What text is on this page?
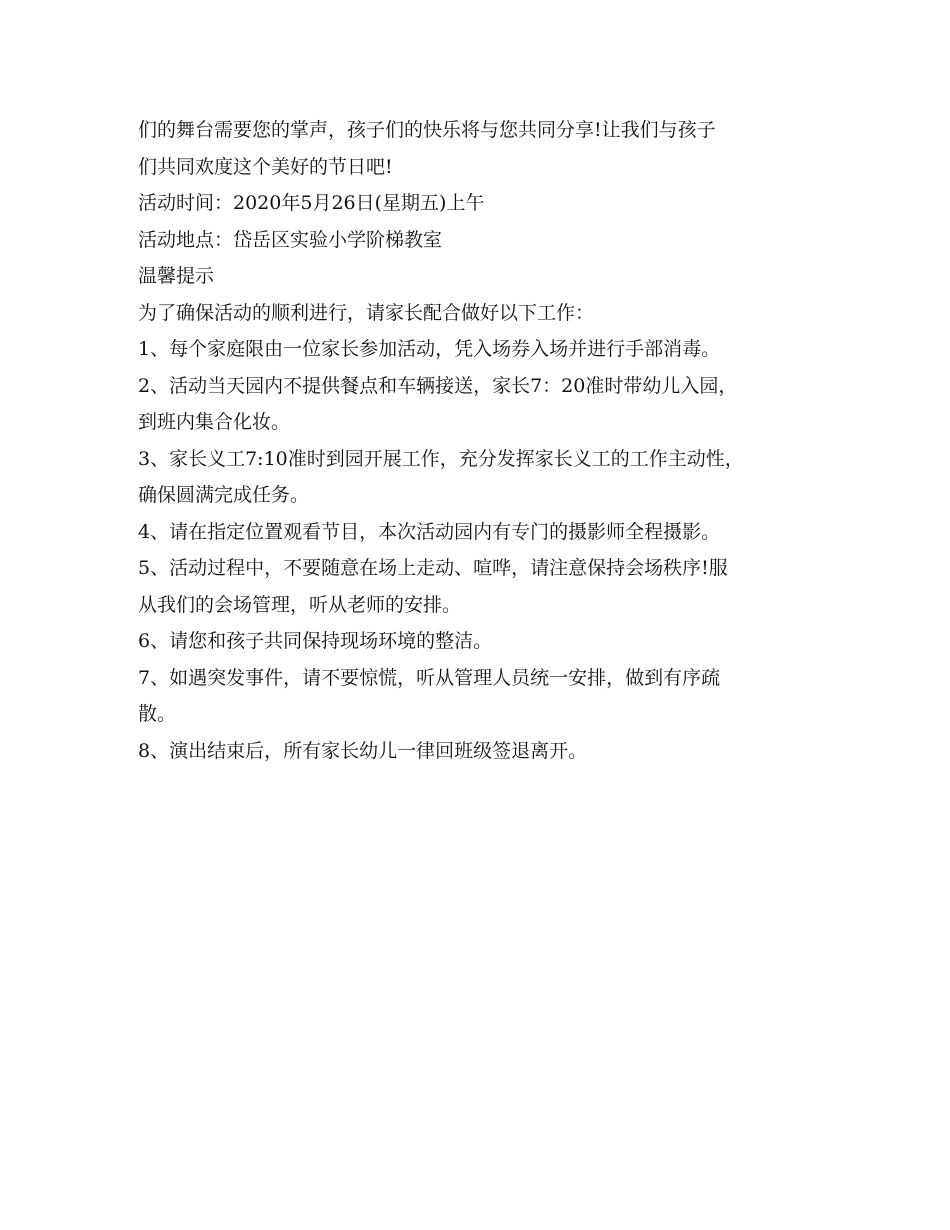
们的舞台需要您的掌声，孩子们的快乐将与您共同分享!让我们与孩子
们共同欢度这个美好的节日吧!
活动时间：2020年5月26日(星期五)上午
活动地点：岱岳区实验小学阶梯教室
温馨提示
为了确保活动的顺利进行，请家长配合做好以下工作：
1、每个家庭限由一位家长参加活动，凭入场券入场并进行手部消毒。
2、活动当天园内不提供餐点和车辆接送，家长7：20准时带幼儿入园，
到班内集合化妆。
3、家长义工7:10准时到园开展工作，充分发挥家长义工的工作主动性，
确保圆满完成任务。
4、请在指定位置观看节目，本次活动园内有专门的摄影师全程摄影。
5、活动过程中，不要随意在场上走动、喧哗，请注意保持会场秩序!服
从我们的会场管理，听从老师的安排。
6、请您和孩子共同保持现场环境的整洁。
7、如遇突发事件，请不要惊慌，听从管理人员统一安排，做到有序疏
散。
8、演出结束后，所有家长幼儿一律回班级签退离开。
